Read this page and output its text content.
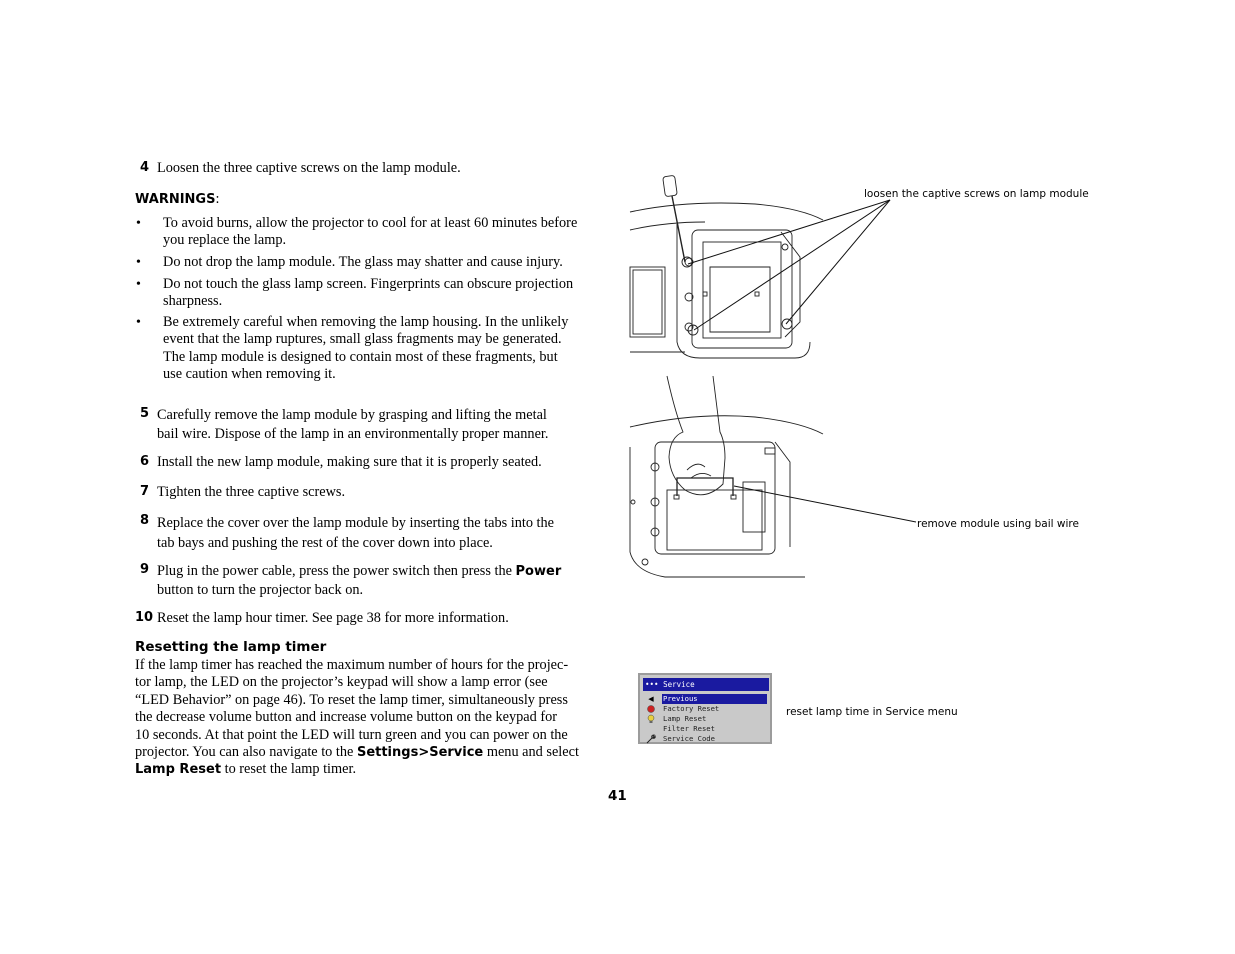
4 Loosen the three captive screws on the lamp module.
WARNINGS:
• To avoid burns, allow the projector to cool for at least 60 minutes before
you replace the lamp.
• Do not drop the lamp module. The glass may shatter and cause injury.
• Do not touch the glass lamp screen. Fingerprints can obscure projection
sharpness.
• Be extremely careful when removing the lamp housing. In the unlikely
event that the lamp ruptures, small glass fragments may be generated.
The lamp module is designed to contain most of these fragments, but
use caution when removing it.
5 Carefully remove the lamp module by grasping and lifting the metal
bail wire. Dispose of the lamp in an environmentally proper manner.
6 Install the new lamp module, making sure that it is properly seated.
7 Tighten the three captive screws.
8 Replace the cover over the lamp module by inserting the tabs into the
tab bays and pushing the rest of the cover down into place.
9 Plug in the power cable, press the power switch then press the Power
button to turn the projector back on.
10 Reset the lamp hour timer. See page 38 for more information.
Resetting the lamp timer
If the lamp timer has reached the maximum number of hours for the projec-
tor lamp, the LED on the projector’s keypad will show a lamp error (see
“LED Behavior” on page 46). To reset the lamp timer, simultaneously press
the decrease volume button and increase volume button on the keypad for
10 seconds. At that point the LED will turn green and you can power on the
projector. You can also navigate to the Settings>Service menu and select
Lamp Reset to reset the lamp timer.
41
loosen the captive screws on lamp module
remove module using bail wire
••• Service
◀	Previous
Factory Reset
Lamp Reset
Filter Reset
Service Code
reset lamp time in Service menu
